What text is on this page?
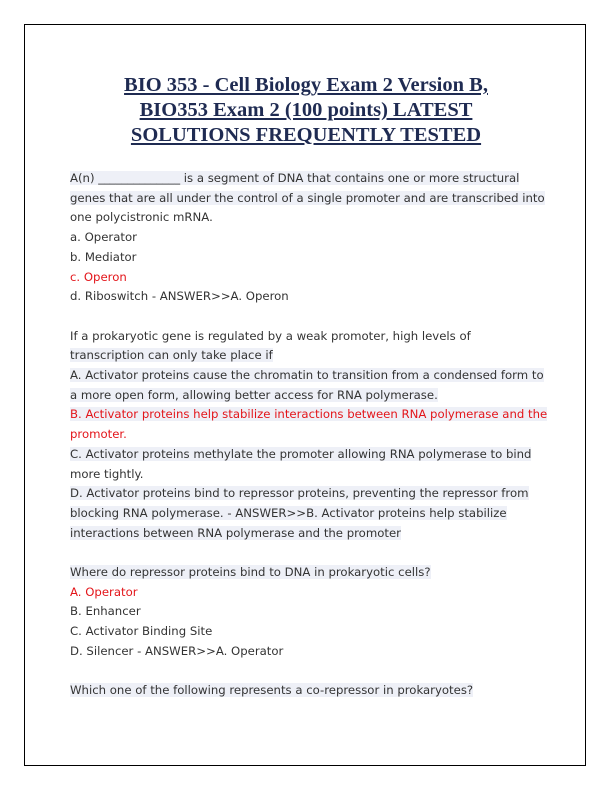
BIO 353 - Cell Biology Exam 2 Version B,
BIO353 Exam 2 (100 points) LATEST
SOLUTIONS FREQUENTLY TESTED
A(n) ______________ is a segment of DNA that contains one or more structural
genes that are all under the control of a single promoter and are transcribed into
one polycistronic mRNA.
a. Operator
b. Mediator
c. Operon
d. Riboswitch - ANSWER>>A. Operon
If a prokaryotic gene is regulated by a weak promoter, high levels of
transcription can only take place if
A. Activator proteins cause the chromatin to transition from a condensed form to
a more open form, allowing better access for RNA polymerase.
B. Activator proteins help stabilize interactions between RNA polymerase and the
promoter.
C. Activator proteins methylate the promoter allowing RNA polymerase to bind
more tightly.
D. Activator proteins bind to repressor proteins, preventing the repressor from
blocking RNA polymerase. - ANSWER>>B. Activator proteins help stabilize
interactions between RNA polymerase and the promoter
Where do repressor proteins bind to DNA in prokaryotic cells?
A. Operator
B. Enhancer
C. Activator Binding Site
D. Silencer - ANSWER>>A. Operator
Which one of the following represents a co-repressor in prokaryotes?
